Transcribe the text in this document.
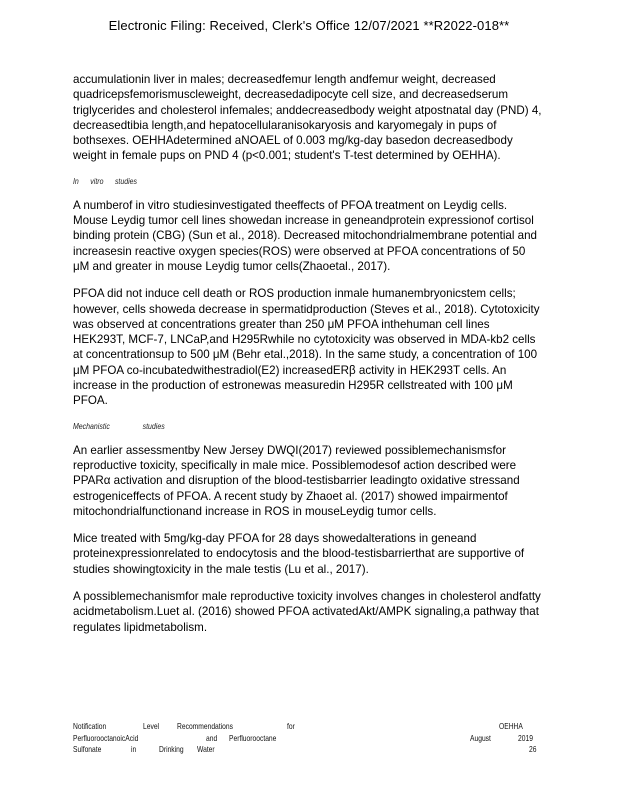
Electronic Filing: Received, Clerk's Office 12/07/2021 **R2022-018**

accumulationin liver in males; decreasedfemur length andfemur weight, decreased quadricepsfemorismuscleweight, decreasedadipocyte cell size, and decreasedserum triglycerides and cholesterol infemales; anddecreasedbody weight atpostnatal day (PND) 4, decreasedtibia length,and hepatocellularanisokaryosis and karyomegaly in pups of bothsexes. OEHHAdetermined aNOAEL of 0.003 mg/kg-day basedon decreasedbody weight in female pups on PND 4 (p<0.001; student's T-test determined by OEHHA).

In vitro studies

A numberof in vitro studiesinvestigated theeffects of PFOA treatment on Leydig cells. Mouse Leydig tumor cell lines showedan increase in geneandprotein expressionof cortisol binding protein (CBG) (Sun et al., 2018). Decreased mitochondrialmembrane potential and increasesin reactive oxygen species(ROS) were observed at PFOA concentrations of 50 μM and greater in mouse Leydig tumor cells(Zhaoetal., 2017).

PFOA did not induce cell death or ROS production inmale humanembryonicstem cells; however, cells showeda decrease in spermatidproduction (Steves et al., 2018). Cytotoxicity was observed at concentrations greater than 250 μM PFOA inthehuman cell lines HEK293T, MCF-7, LNCaP,and H295Rwhile no cytotoxicity was observed in MDA-kb2 cells at concentrationsup to 500 μM (Behr etal.,2018). In the same study, a concentration of 100 μM PFOA co-incubatedwithestradiol(E2) increasedERβ activity in HEK293T cells. An increase in the production of estronewas measuredin H295R cellstreated with 100 μM PFOA.

Mechanistic	studies

An earlier assessmentby New Jersey DWQI(2017) reviewed possiblemechanismsfor reproductive toxicity, specifically in male mice. Possiblemodesof action described were PPARα activation and disruption of the blood-testisbarrier leadingto oxidative stressand estrogeniceffects of PFOA. A recent study by Zhaoet al. (2017) showed impairmentof mitochondrialfunctionand increase in ROS in mouseLeydig tumor cells.

Mice treated with 5mg/kg-day PFOA for 28 days showedalterations in geneand proteinexpressionrelated to endocytosis and the blood-testisbarrierthat are supportive of studies showingtoxicity in the male testis (Lu et al., 2017).

A possiblemechanismfor male reproductive toxicity involves changes in cholesterol andfatty acidmetabolism.Luet al. (2016) showed PFOA activatedAkt/AMPK signaling,a pathway that regulates lipidmetabolism.

Notification	Level Recommendations	for	OEHHA
PerfluorooctanoicAcid	and Perfluorooctane	August	2019
Sulfonate	in	Drinking Water	26
